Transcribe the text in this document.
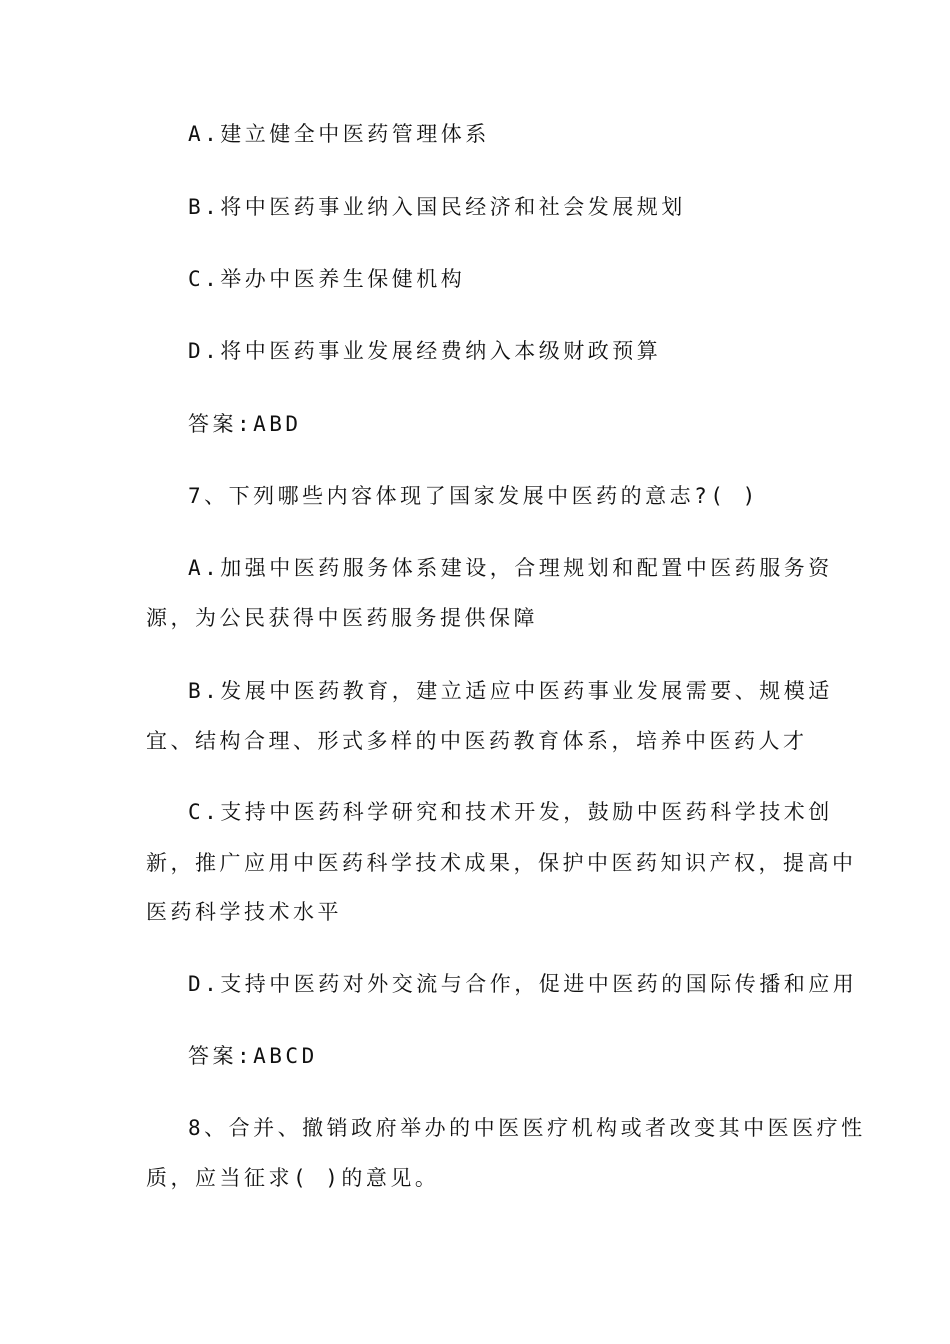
A.建立健全中医药管理体系
B.将中医药事业纳入国民经济和社会发展规划
C.举办中医养生保健机构
D.将中医药事业发展经费纳入本级财政预算
答案:ABD
7、下列哪些内容体现了国家发展中医药的意志?( )
A.加强中医药服务体系建设，合理规划和配置中医药服务资
源，为公民获得中医药服务提供保障
B.发展中医药教育，建立适应中医药事业发展需要、规模适
宜、结构合理、形式多样的中医药教育体系，培养中医药人才
C.支持中医药科学研究和技术开发，鼓励中医药科学技术创
新，推广应用中医药科学技术成果，保护中医药知识产权，提高中
医药科学技术水平
D.支持中医药对外交流与合作，促进中医药的国际传播和应用
答案:ABCD
8、合并、撤销政府举办的中医医疗机构或者改变其中医医疗性
质，应当征求( )的意见。
